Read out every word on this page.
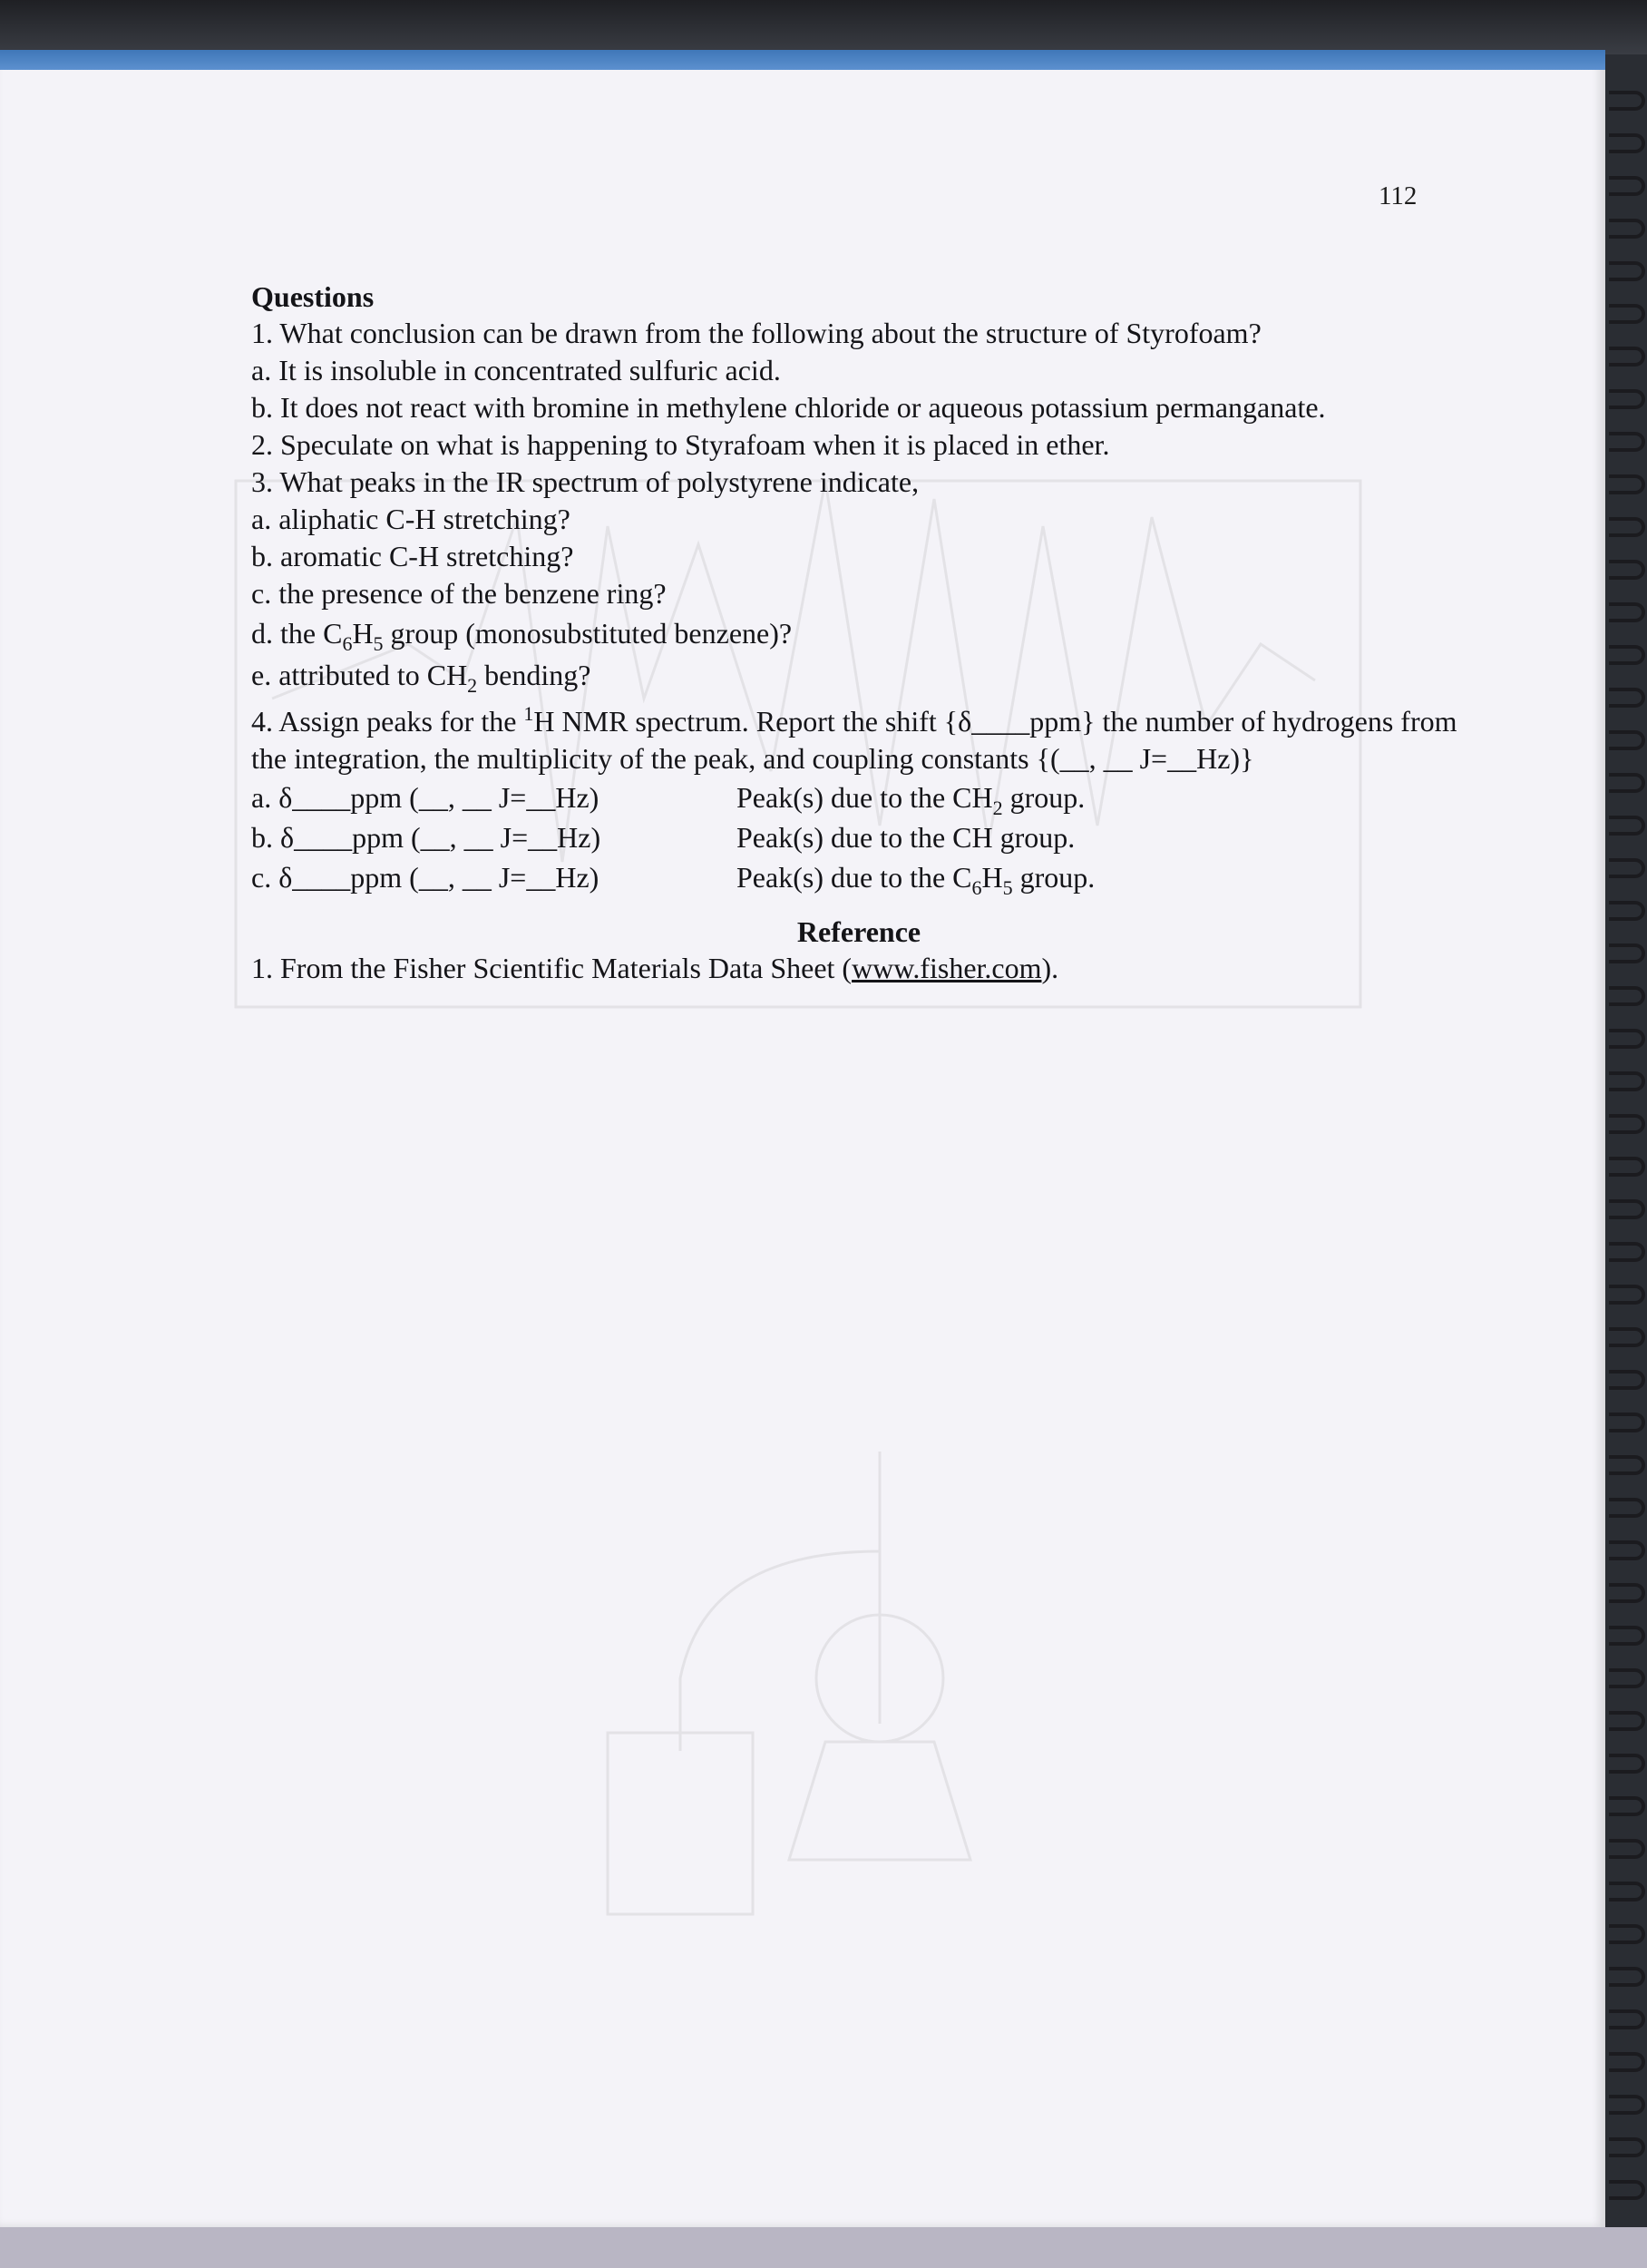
112
Questions
1. What conclusion can be drawn from the following about the structure of Styrofoam?
a. It is insoluble in concentrated sulfuric acid.
b. It does not react with bromine in methylene chloride or aqueous potassium permanganate.
2. Speculate on what is happening to Styrafoam when it is placed in ether.
3. What peaks in the IR spectrum of polystyrene indicate,
a. aliphatic C-H stretching?
b. aromatic C-H stretching?
c. the presence of the benzene ring?
d. the $C_6H_5$ group (monosubstituted benzene)?
e. attributed to $CH_2$ bending?
4. Assign peaks for the $^1$H NMR spectrum. Report the shift {δ____ppm} the number of hydrogens from the integration, the multiplicity of the peak, and coupling constants {(__, __ J=__Hz)}
a. δ____ppm (__, __ J=__Hz)	Peak(s) due to the $CH_2$ group.
b. δ____ppm (__, __ J=__Hz)	Peak(s) due to the CH group.
c. δ____ppm (__, __ J=__Hz)	Peak(s) due to the $C_6H_5$ group.
Reference
1. From the Fisher Scientific Materials Data Sheet (www.fisher.com).
